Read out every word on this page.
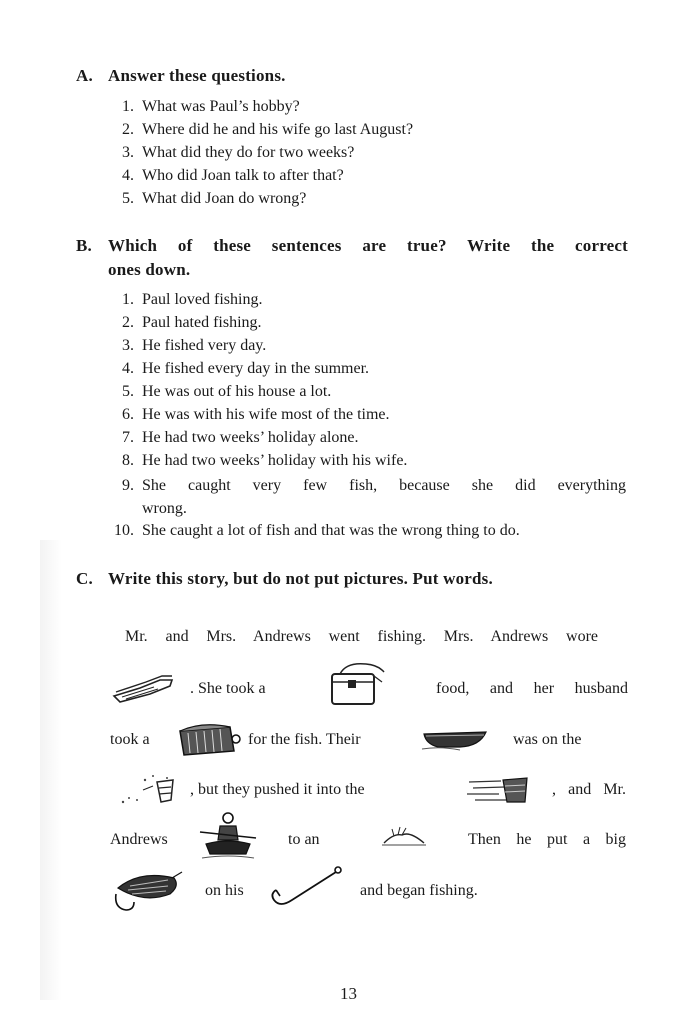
A. Answer these questions.
1. What was Paul’s hobby?
2. Where did he and his wife go last August?
3. What did they do for two weeks?
4. Who did Joan talk to after that?
5. What did Joan do wrong?
B. Which of these sentences are true? Write the correct
ones down.
1. Paul loved fishing.
2. Paul hated fishing.
3. He fished very day.
4. He fished every day in the summer.
5. He was out of his house a lot.
6. He was with his wife most of the time.
7. He had two weeks’ holiday alone.
8. He had two weeks’ holiday with his wife.
9. She caught very few fish, because she did everything
wrong.
10. She caught a lot of fish and that was the wrong thing to do.
C. Write this story, but do not put pictures. Put words.
Mr. and Mrs. Andrews went fishing. Mrs. Andrews wore
. She took a	food, and her husband
took a	for the fish. Their	was on the
, but they pushed it into the	, and Mr.
Andrews	to an	Then he put a big
on his	and began fishing.
13
